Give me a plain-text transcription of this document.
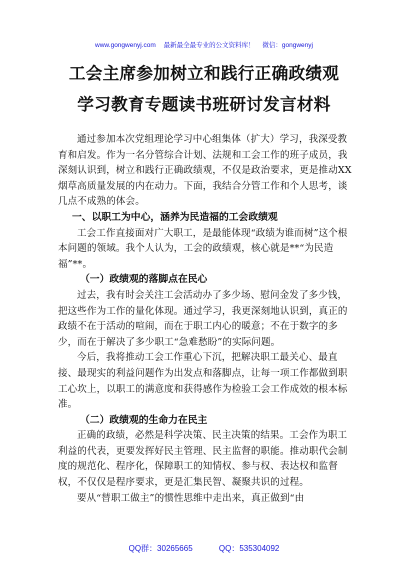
www.gongwenyj.com 最新最全最专业的公文资料库！ 微信：gongwenyj
工会主席参加树立和践行正确政绩观
学习教育专题读书班研讨发言材料

通过参加本次党组理论学习中心组集体（扩大）学习，我深受教育和启发。作为一名分管综合计划、法规和工会工作的班子成员，我深刻认识到，树立和践行正确政绩观，不仅是政治要求，更是推动XX烟草高质量发展的内在动力。下面，我结合分管工作和个人思考，谈几点不成熟的体会。

一、以职工为中心，涵养为民造福的工会政绩观

工会工作直接面对广大职工，是最能体现“政绩为谁而树”这个根本问题的领域。我个人认为，工会的政绩观，核心就是**“为民造福”**。

（一）政绩观的落脚点在民心

过去，我有时会关注工会活动办了多少场、慰问金发了多少钱，把这些作为工作的量化体现。通过学习，我更深刻地认识到，真正的政绩不在于活动的喧闹，而在于职工内心的暖意；不在于数字的多少，而在于解决了多少职工“急难愁盼”的实际问题。

今后，我将推动工会工作重心下沉，把解决职工最关心、最直接、最现实的利益问题作为出发点和落脚点，让每一项工作都做到职工心坎上，以职工的满意度和获得感作为检验工会工作成效的根本标准。

（二）政绩观的生命力在民主

正确的政绩，必然是科学决策、民主决策的结果。工会作为职工利益的代表，更要发挥好民主管理、民主监督的职能。推动职代会制度的规范化、程序化，保障职工的知情权、参与权、表达权和监督权，不仅仅是程序要求，更是汇集民智、凝聚共识的过程。

要从“替职工做主”的惯性思维中走出来，真正做到“由

QQ群：30265665	QQ：535304092
